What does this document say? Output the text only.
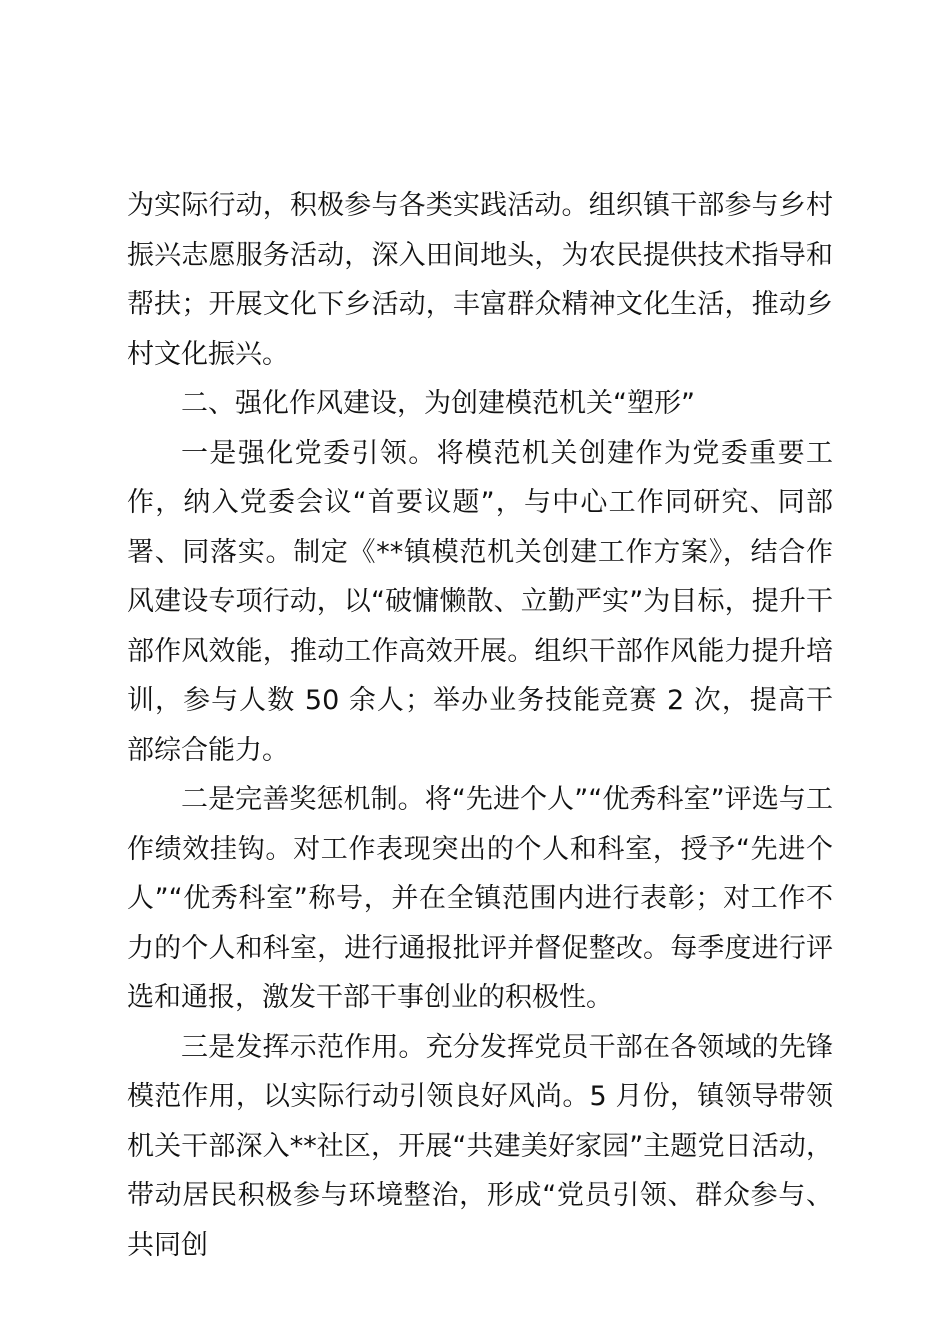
为实际行动，积极参与各类实践活动。组织镇干部参与乡村振兴志愿服务活动，深入田间地头，为农民提供技术指导和帮扶；开展文化下乡活动，丰富群众精神文化生活，推动乡村文化振兴。

二、强化作风建设，为创建模范机关“塑形”

一是强化党委引领。将模范机关创建作为党委重要工作，纳入党委会议“首要议题”，与中心工作同研究、同部署、同落实。制定《**镇模范机关创建工作方案》，结合作风建设专项行动，以“破慵懒散、立勤严实”为目标，提升干部作风效能，推动工作高效开展。组织干部作风能力提升培训，参与人数 50 余人；举办业务技能竞赛 2 次，提高干部综合能力。

二是完善奖惩机制。将“先进个人”“优秀科室”评选与工作绩效挂钩。对工作表现突出的个人和科室，授予“先进个人”“优秀科室”称号，并在全镇范围内进行表彰；对工作不力的个人和科室，进行通报批评并督促整改。每季度进行评选和通报，激发干部干事创业的积极性。

三是发挥示范作用。充分发挥党员干部在各领域的先锋模范作用，以实际行动引领良好风尚。5 月份，镇领导带领机关干部深入**社区，开展“共建美好家园”主题党日活动，带动居民积极参与环境整治，形成“党员引领、群众参与、共同创
